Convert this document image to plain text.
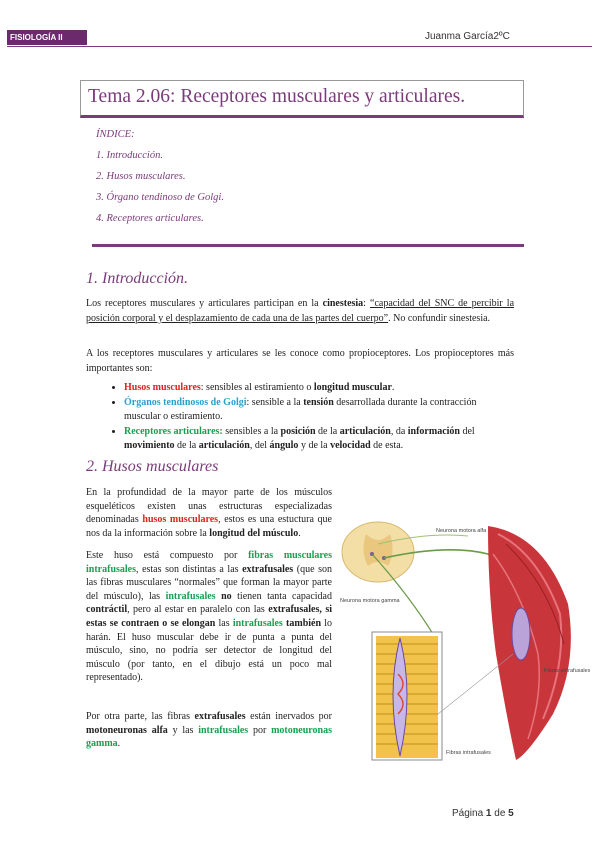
FISIOLOGÍA II	Juanma García2ºC
Tema 2.06: Receptores musculares y articulares.
ÍNDICE:
1. Introducción.
2. Husos musculares.
3. Órgano tendinoso de Golgi.
4. Receptores articulares.
1. Introducción.
Los receptores musculares y articulares participan en la cinestesia: “capacidad del SNC de percibir la posición corporal y el desplazamiento de cada una de las partes del cuerpo”. No confundir sinestesia.
A los receptores musculares y articulares se les conoce como propioceptores. Los propioceptores más importantes son:
• Husos musculares: sensibles al estiramiento o longitud muscular.
• Órganos tendinosos de Golgi: sensible a la tensión desarrollada durante la contracción muscular o estiramiento.
• Receptores articulares: sensibles a la posición de la articulación, da información del movimiento de la articulación, del ángulo y de la velocidad de esta.
2. Husos musculares
En la profundidad de la mayor parte de los músculos esqueléticos existen unas estructuras especializadas denominadas husos musculares, estos es una estuctura que nos da la información sobre la longitud del músculo.
Este huso está compuesto por fibras musculares intrafusales, estas son distintas a las extrafusales (que son las fibras musculares “normales” que forman la mayor parte del músculo), las intrafusales no tienen tanta capacidad contráctil, pero al estar en paralelo con las extrafusales, si estas se contraen o se elongan las intrafusales también lo harán. El huso muscular debe ir de punta a punta del músculo, sino, no podría ser detector de longitud del músculo (por tanto, en el dibujo está un poco mal representado).
Por otra parte, las fibras extrafusales están inervados por motoneuronas alfa y las intrafusales por motoneuronas gamma.
Neurona motora alfa
Neurona motora gamma
Fibras extrafusales
Fibras intrafusales
Página 1 de 5
